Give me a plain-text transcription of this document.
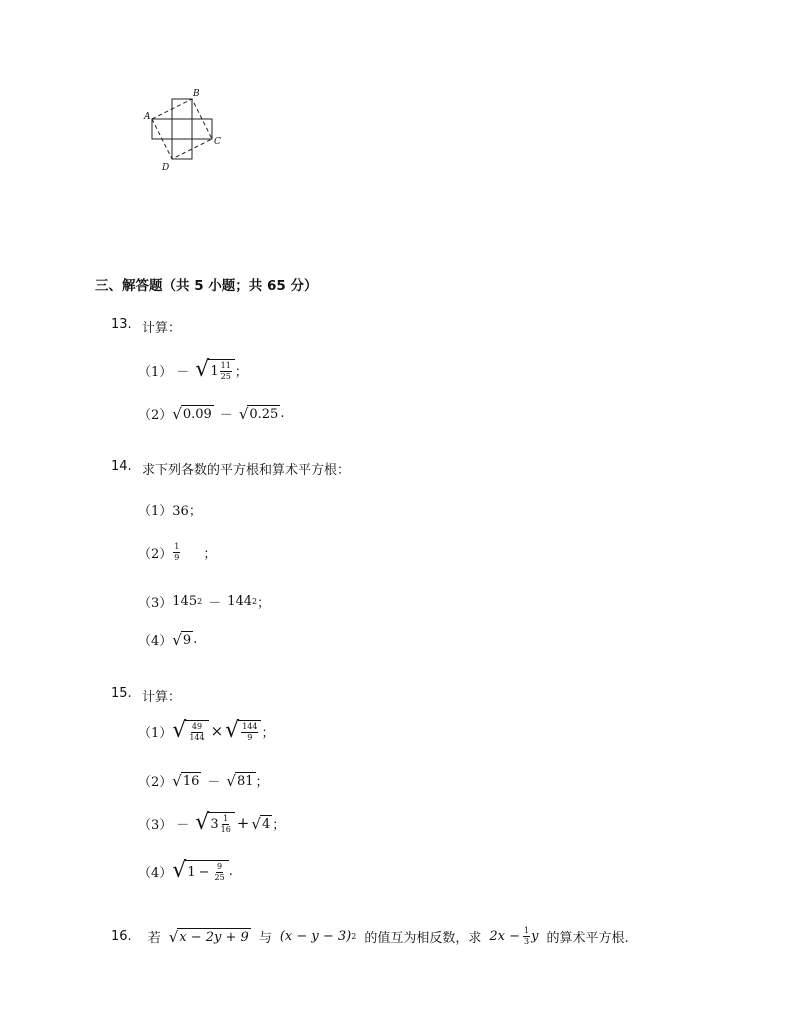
A
B
C
D
三、解答题（共 5 小题；共 65 分）
13. 计算：
（1） － √ $1 \frac{11}{25}$ ；
（2） √ 0.09 － √ 0.25 .
14. 求下列各数的平方根和算术平方根：
（1） 36；
$(2) \frac{1}{9}$ ；
（3） 145 2 － 144 2 ；
（4） √ 9 .
15. 计算：
（1） √ $\frac{49}{144}$ × √ $\frac{144}{9}$ ；
（2） √ 16 － √ 81 ；
（3） － √ $3 \frac{1}{16}$ + √ 4 ；
（4） √ $1 - \frac{9}{25}$ .
16. 若 √ x − 2y + 9 与 (x − y − 3) 2 的值互为相反数，求 $2x - \frac{1}{3}$ y 的算术平方根.
